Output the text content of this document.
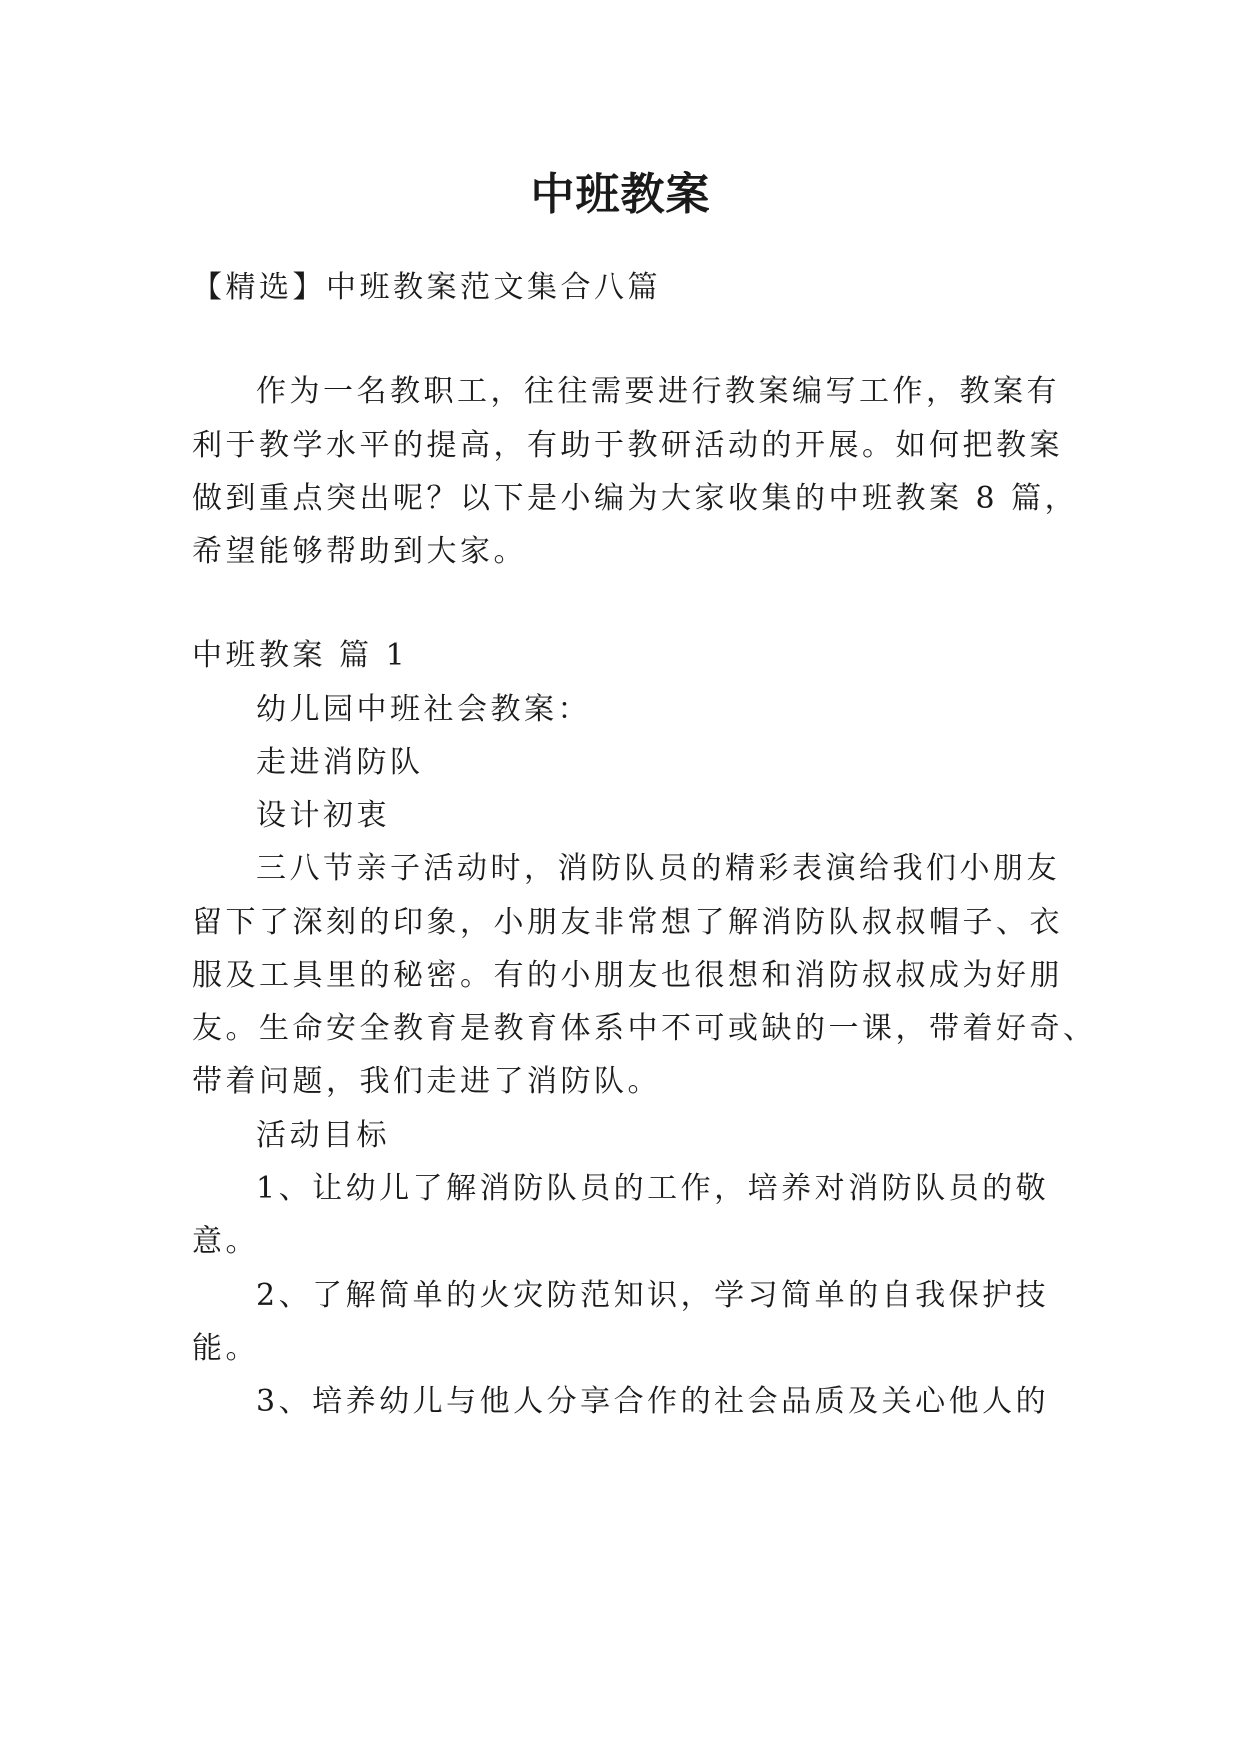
中班教案

【精选】中班教案范文集合八篇

作为一名教职工，往往需要进行教案编写工作，教案有

利于教学水平的提高，有助于教研活动的开展。如何把教案

做到重点突出呢？以下是小编为大家收集的中班教案 8 篇，

希望能够帮助到大家。

中班教案 篇 1

幼儿园中班社会教案：

走进消防队

设计初衷

三八节亲子活动时，消防队员的精彩表演给我们小朋友

留下了深刻的印象，小朋友非常想了解消防队叔叔帽子、衣

服及工具里的秘密。有的小朋友也很想和消防叔叔成为好朋

友。生命安全教育是教育体系中不可或缺的一课，带着好奇、

带着问题，我们走进了消防队。

活动目标

1、让幼儿了解消防队员的工作，培养对消防队员的敬

意。

2、了解简单的火灾防范知识，学习简单的自我保护技

能。

3、培养幼儿与他人分享合作的社会品质及关心他人的
